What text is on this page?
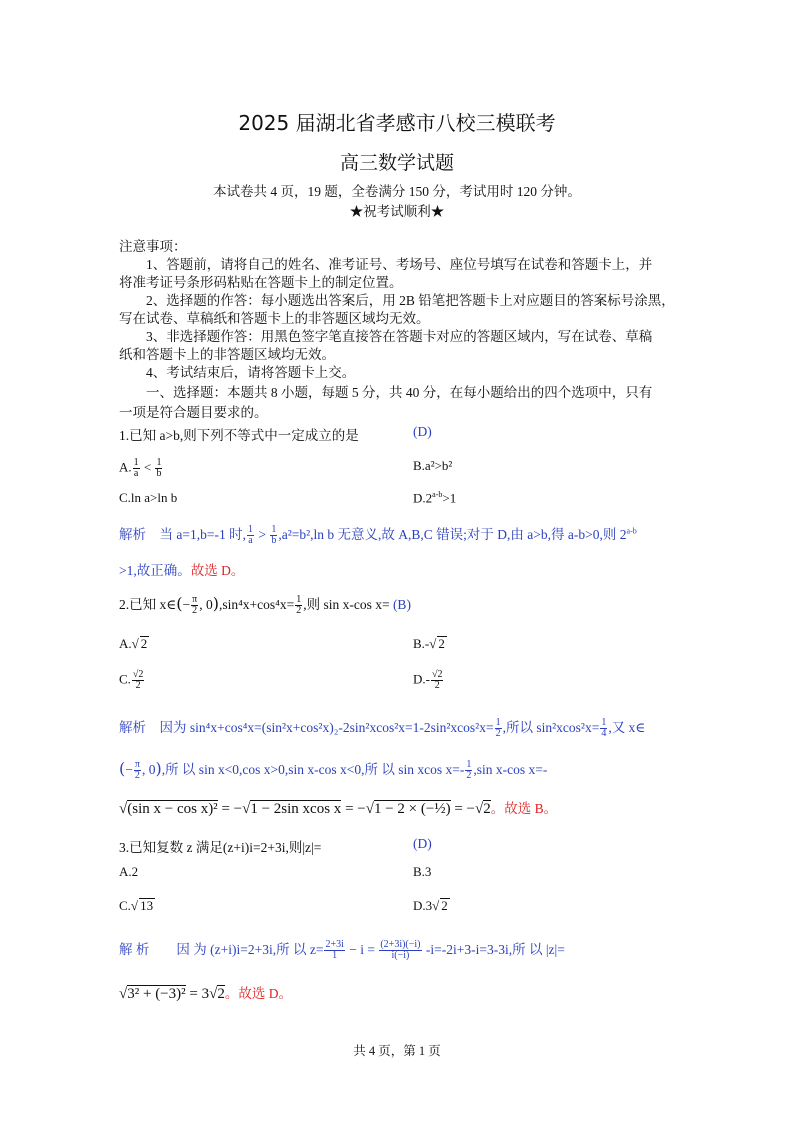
2025 届湖北省孝感市八校三模联考
高三数学试题
本试卷共 4 页，19 题，全卷满分 150 分，考试用时 120 分钟。
★祝考试顺利★
注意事项：
1、答题前，请将自己的姓名、准考证号、考场号、座位号填写在试卷和答题卡上，并
将准考证号条形码粘贴在答题卡上的制定位置。
2、选择题的作答：每小题选出答案后，用 2B 铅笔把答题卡上对应题目的答案标号涂黑，
写在试卷、草稿纸和答题卡上的非答题区域均无效。
3、非选择题作答：用黑色签字笔直接答在答题卡对应的答题区域内，写在试卷、草稿
纸和答题卡上的非答题区域均无效。
4、考试结束后，请将答题卡上交。
一、选择题：本题共 8 小题，每题 5 分，共 40 分，在每小题给出的四个选项中，只有
一项是符合题目要求的。
1.已知 a>b,则下列不等式中一定成立的是	(D)
A. $\frac{1}{a} < \frac{1}{b}$	B.a²>b²
C.ln a>ln b	$D.2^{a-b}>1$
解析　当 a=1,b=-1 时, $\frac{1}{a} > \frac{1}{b} ,a^2=b^2,\ln$ b 无意义,故 A,B,C 错误;对于 D,由 a>b,得 a-b>0,则 $2^{a-b}$
>1,故正确。故选 D。
2.已知 x∈(− $\frac{\pi}{2}$ , $0),\sin^4x+\cos^4x= \frac{1}{2}$ ,则 sin x-cos x= (B)
A. √ 2	B.- √ 2
C. $\frac{√2}{2}$	$D.- \frac{√2}{2}$
解析　因为 $\sin^4x+\cos^4x=(\sin^2x+\cos^2x)_2-2\sin^2xcos^2x=1-2\sin^2xcos^2x= \frac{1}{2}$ ,所以 $\sin^2xcos^2x= \frac{1}{4}$ ,又 x∈
(− $\frac{\pi}{2}$ , 0),所 以 sin x<0,cos x>0,sin x-cos x<0,所 以 sin xcos $x=- \frac{1}{2} ,\sin$ x-cos x=-
√(sin x − cos x)² = −√1 − 2sin xcos x = −√1 − 2 × (−½) = −√2。故选 B。
3.已知复数 z 满足(z+i)i=2+3i,则|z|=	(D)
A.2	B.3
C. √ 13	D.3 √ 2
解 析　　因 为 (z+i)i=2+3i,所 以 $z= \frac{2+3i}{1} - i = \frac{(2+3i)(-i)}{i(-i)} -i=-2i+3-i=3-3i$,所 以 |z|=
√3² + (−3)² = 3√2。故选 D。
共 4 页，第 1 页
